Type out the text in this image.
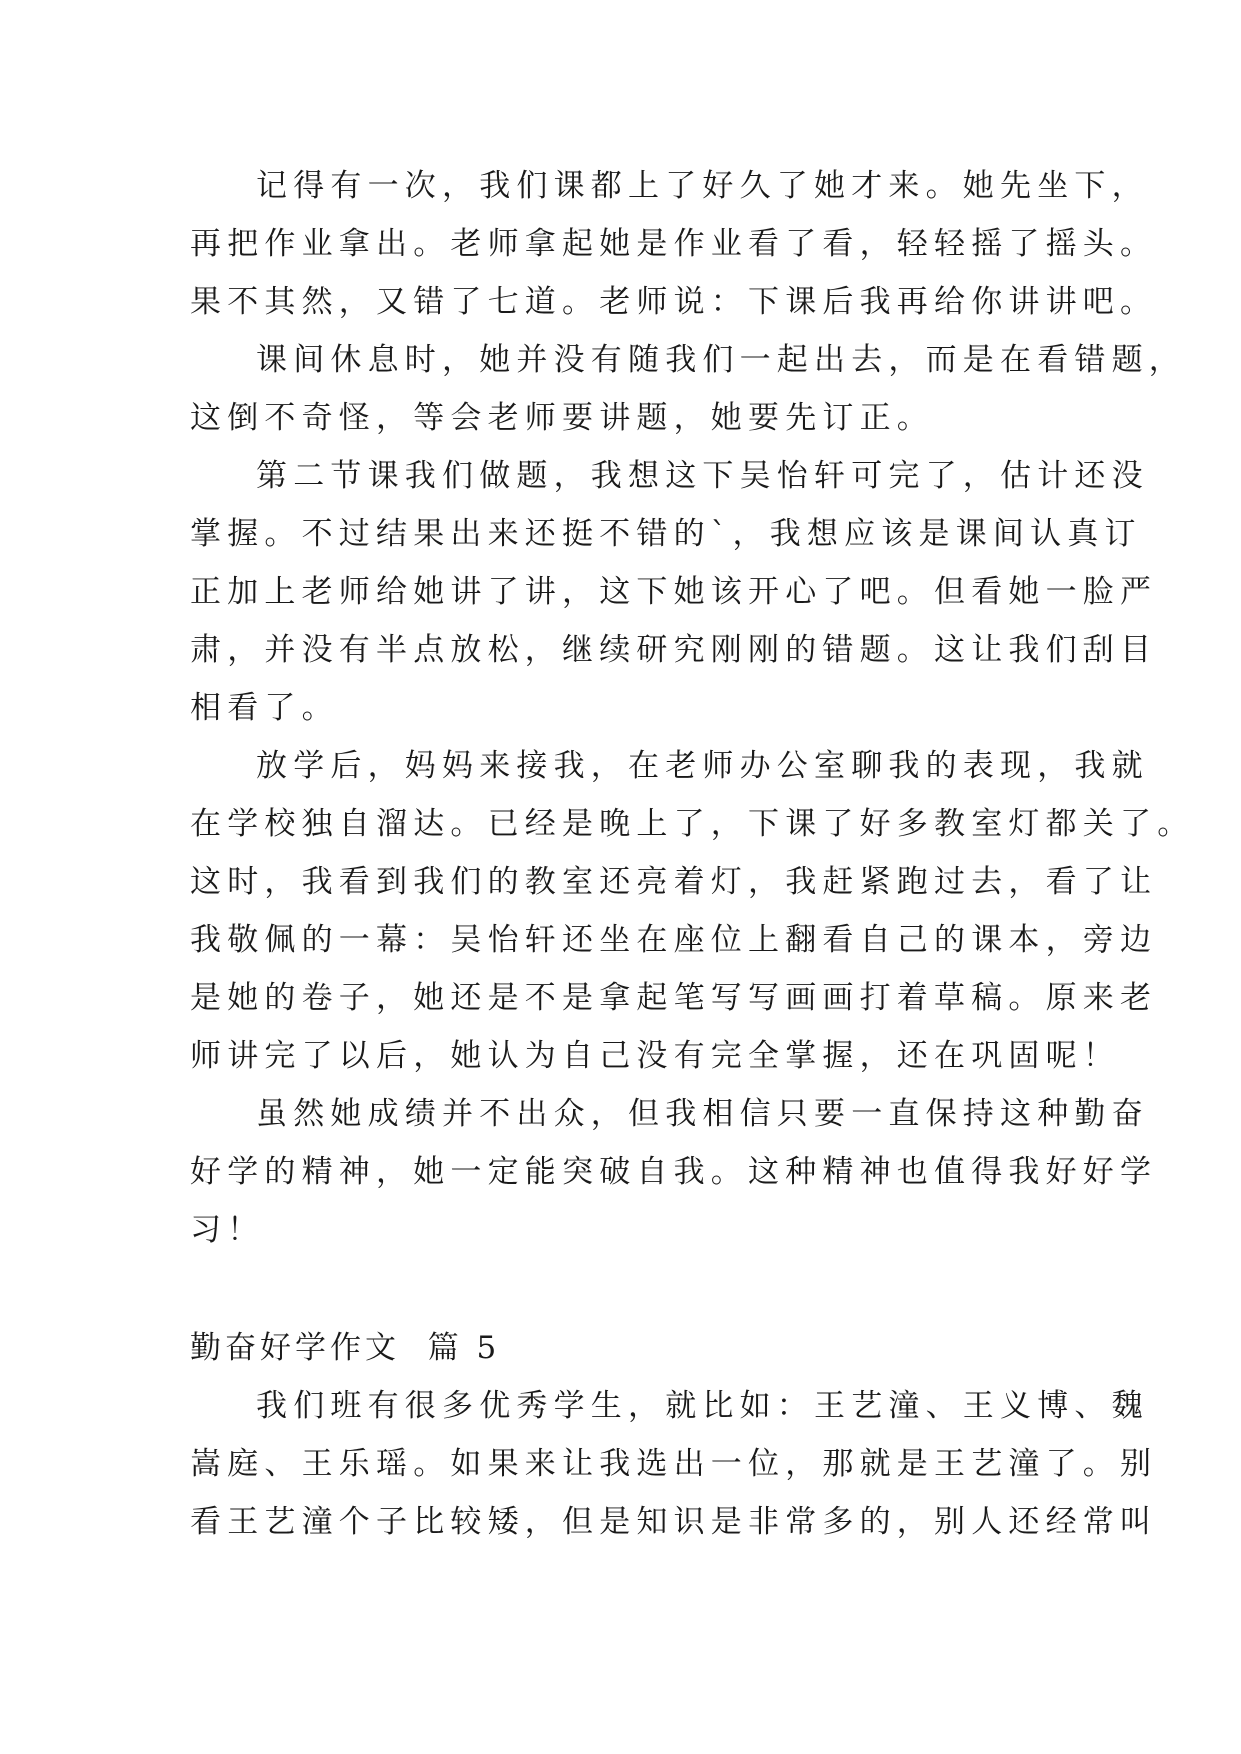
记得有一次，我们课都上了好久了她才来。她先坐下，
再把作业拿出。老师拿起她是作业看了看，轻轻摇了摇头。
果不其然，又错了七道。老师说：下课后我再给你讲讲吧。
课间休息时，她并没有随我们一起出去，而是在看错题，
这倒不奇怪，等会老师要讲题，她要先订正。
第二节课我们做题，我想这下吴怡轩可完了，估计还没
掌握。不过结果出来还挺不错的`，我想应该是课间认真订
正加上老师给她讲了讲，这下她该开心了吧。但看她一脸严
肃，并没有半点放松，继续研究刚刚的错题。这让我们刮目
相看了。
放学后，妈妈来接我，在老师办公室聊我的表现，我就
在学校独自溜达。已经是晚上了，下课了好多教室灯都关了。
这时，我看到我们的教室还亮着灯，我赶紧跑过去，看了让
我敬佩的一幕：吴怡轩还坐在座位上翻看自己的课本，旁边
是她的卷子，她还是不是拿起笔写写画画打着草稿。原来老
师讲完了以后，她认为自己没有完全掌握，还在巩固呢！
虽然她成绩并不出众，但我相信只要一直保持这种勤奋
好学的精神，她一定能突破自我。这种精神也值得我好好学
习！
勤奋好学作文  篇 5
我们班有很多优秀学生，就比如：王艺潼、王义博、魏
嵩庭、王乐瑶。如果来让我选出一位，那就是王艺潼了。别
看王艺潼个子比较矮，但是知识是非常多的，别人还经常叫
